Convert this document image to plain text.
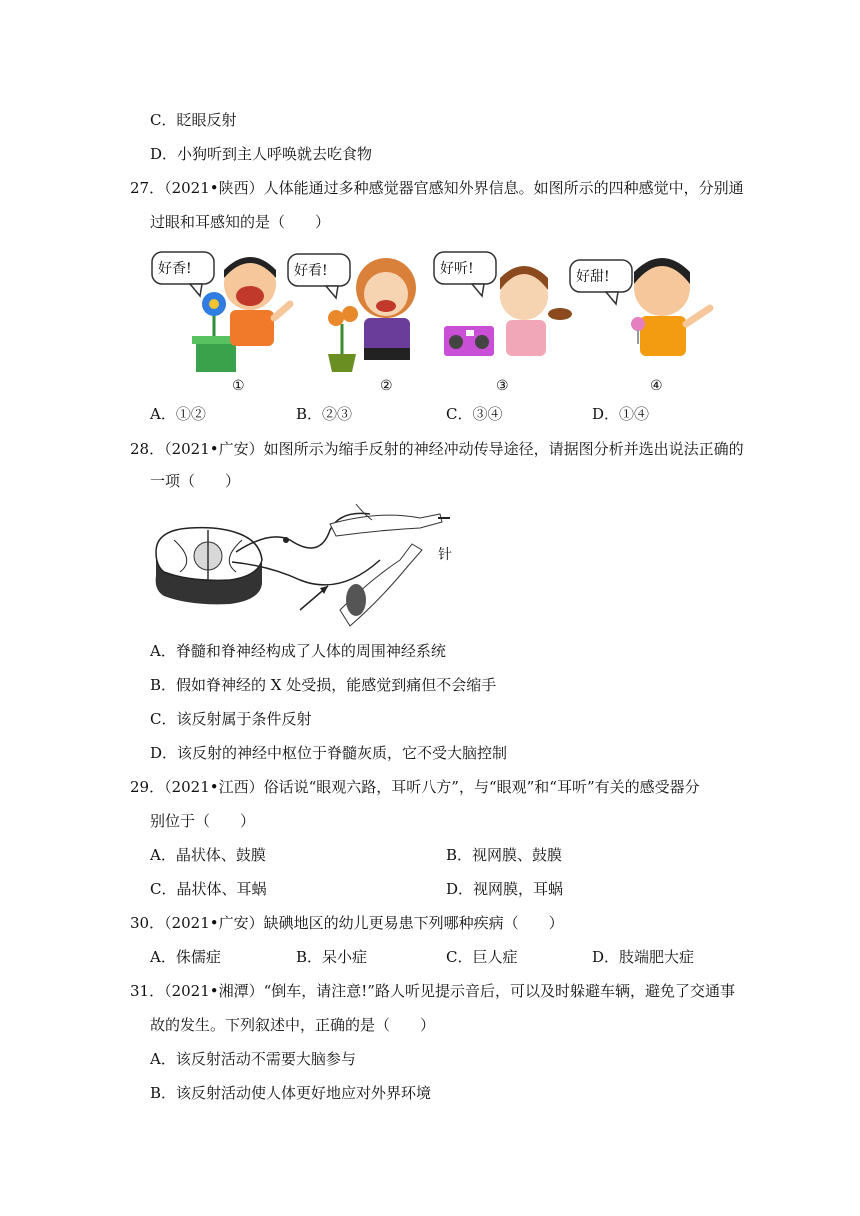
C．眨眼反射
D．小狗听到主人呼唤就去吃食物
27．（2021•陕西）人体能通过多种感觉器官感知外界信息。如图所示的四种感觉中，分别通
过眼和耳感知的是（　　）
好香!	好看!	好听!	好甜!
①	②	③	④
A．①②	B．②③	C．③④	D．①④
28．（2021•广安）如图所示为缩手反射的神经冲动传导途径，请据图分析并选出说法正确的
一项（　　）
针
A．脊髓和脊神经构成了人体的周围神经系统
B．假如脊神经的 X 处受损，能感觉到痛但不会缩手
C．该反射属于条件反射
D．该反射的神经中枢位于脊髓灰质，它不受大脑控制
29．（2021•江西）俗话说“眼观六路，耳听八方”，与“眼观”和“耳听”有关的感受器分
别位于（　　）
A．晶状体、鼓膜	B．视网膜、鼓膜
C．晶状体、耳蜗	D．视网膜，耳蜗
30．（2021•广安）缺碘地区的幼儿更易患下列哪种疾病（　　）
A．侏儒症	B．呆小症	C．巨人症	D．肢端肥大症
31．（2021•湘潭）“倒车，请注意!”路人听见提示音后，可以及时躲避车辆，避免了交通事
故的发生。下列叙述中，正确的是（　　）
A．该反射活动不需要大脑参与
B．该反射活动使人体更好地应对外界环境
